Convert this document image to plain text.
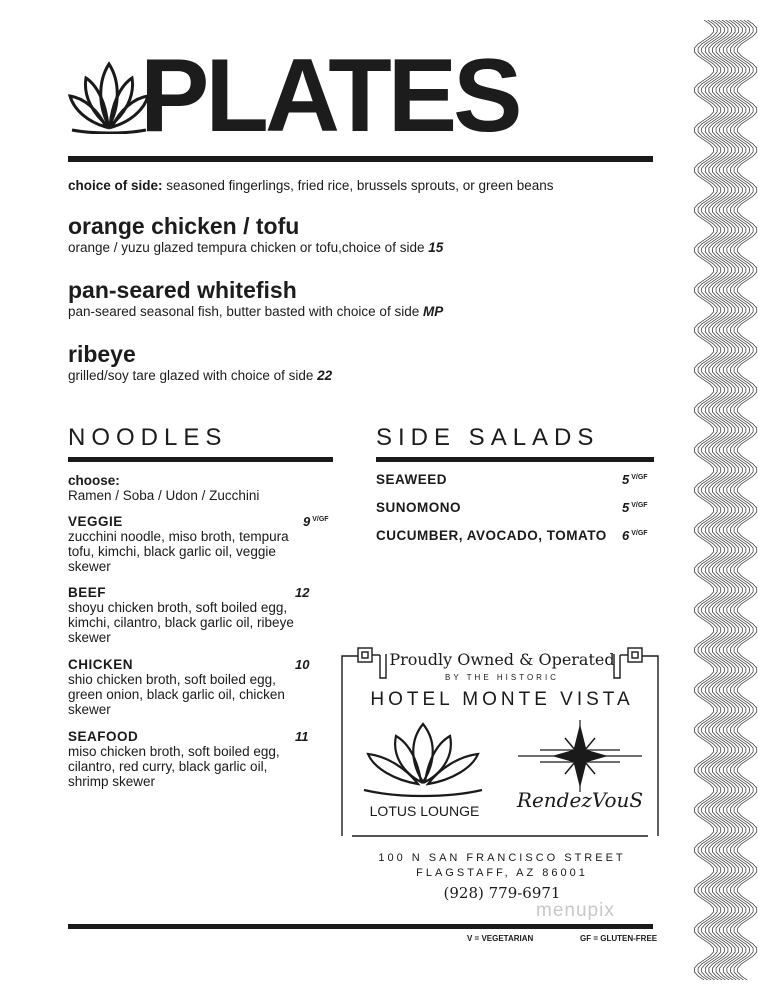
PLATES
choice of side: seasoned fingerlings, fried rice, brussels sprouts, or green beans
orange chicken / tofu
orange / yuzu glazed tempura chicken or tofu,choice of side 15
pan-seared whitefish
pan-seared seasonal fish, butter basted with choice of side MP
ribeye
grilled/soy tare glazed with choice of side 22
NOODLES
choose:
Ramen / Soba / Udon / Zucchini
VEGGIE
zucchini noodle, miso broth, tempura tofu, kimchi, black garlic oil, veggie skewer
9 $^{V/GF}$
BEEF
shoyu chicken broth, soft boiled egg, kimchi, cilantro, black garlic oil, ribeye skewer
12
CHICKEN
shio chicken broth, soft boiled egg, green onion, black garlic oil, chicken skewer
10
SEAFOOD
miso chicken broth, soft boiled egg, cilantro, red curry, black garlic oil, shrimp skewer
11
SIDE SALADS
SEAWEED	5 $^{V/GF}$
SUNOMONO	5 $^{V/GF}$
CUCUMBER, AVOCADO, TOMATO 6 $^{V/GF}$
Proudly Owned & Operated
BY THE HISTORIC
HOTEL MONTE VISTA
LOTUS LOUNGE	RendezVouS
100 N SAN FRANCISCO STREET
FLAGSTAFF, AZ 86001
(928) 779-6971
menupix
V = VEGETARIAN	GF = GLUTEN-FREE
